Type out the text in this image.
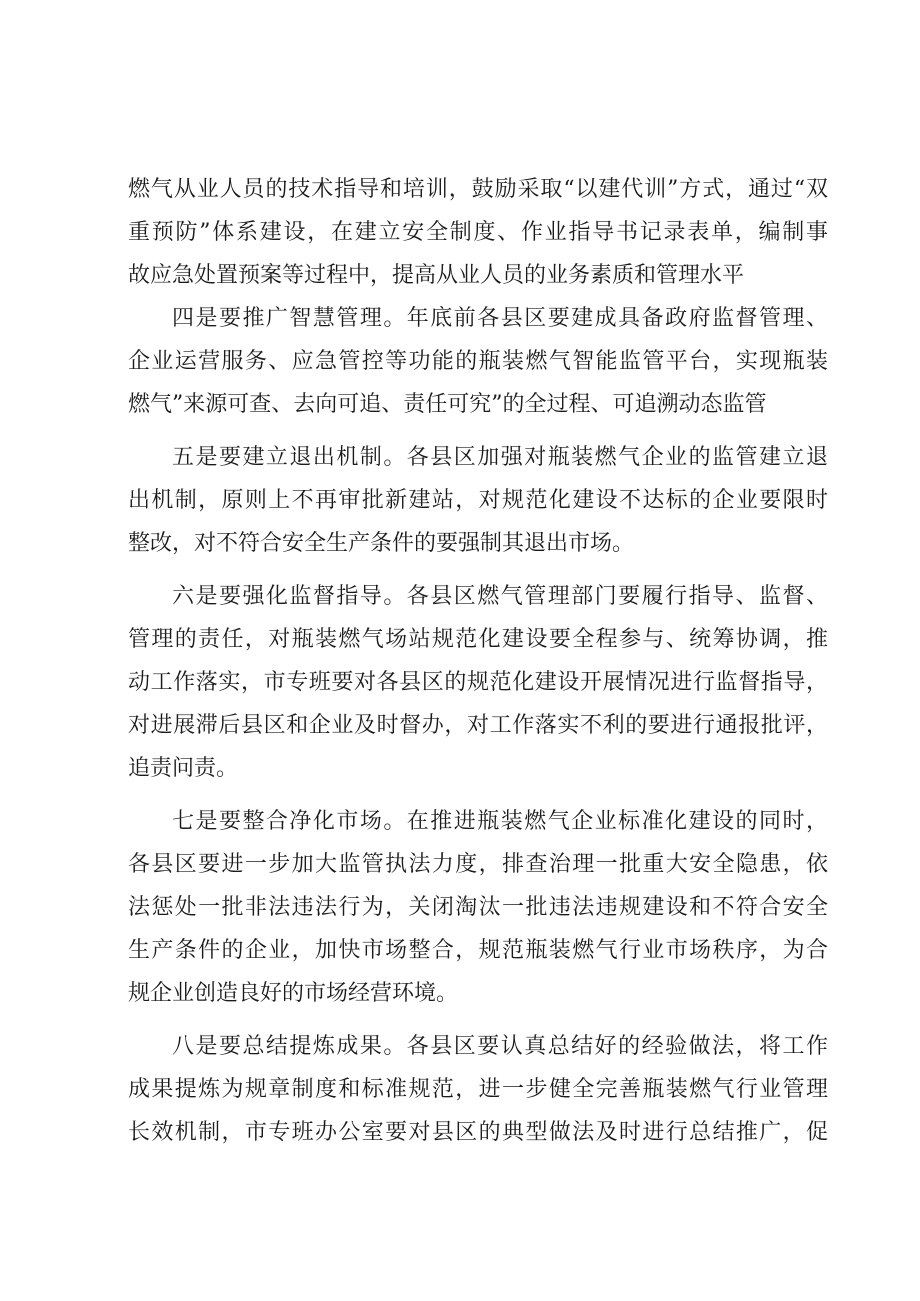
燃气从业人员的技术指导和培训，鼓励采取“以建代训”方式，通过“双
重预防”体系建设，在建立安全制度、作业指导书记录表单，编制事
故应急处置预案等过程中，提高从业人员的业务素质和管理水平
四是要推广智慧管理。年底前各县区要建成具备政府监督管理、
企业运营服务、应急管控等功能的瓶装燃气智能监管平台，实现瓶装
燃气”来源可查、去向可追、责任可究”的全过程、可追溯动态监管
五是要建立退出机制。各县区加强对瓶装燃气企业的监管建立退
出机制，原则上不再审批新建站，对规范化建设不达标的企业要限时
整改，对不符合安全生产条件的要强制其退出市场。
六是要强化监督指导。各县区燃气管理部门要履行指导、监督、
管理的责任，对瓶装燃气场站规范化建设要全程参与、统筹协调，推
动工作落实，市专班要对各县区的规范化建设开展情况进行监督指导，
对进展滞后县区和企业及时督办，对工作落实不利的要进行通报批评，
追责问责。
七是要整合净化市场。在推进瓶装燃气企业标准化建设的同时，
各县区要进一步加大监管执法力度，排查治理一批重大安全隐患，依
法惩处一批非法违法行为，关闭淘汰一批违法违规建设和不符合安全
生产条件的企业，加快市场整合，规范瓶装燃气行业市场秩序，为合
规企业创造良好的市场经营环境。
八是要总结提炼成果。各县区要认真总结好的经验做法，将工作
成果提炼为规章制度和标准规范，进一步健全完善瓶装燃气行业管理
长效机制，市专班办公室要对县区的典型做法及时进行总结推广，促
